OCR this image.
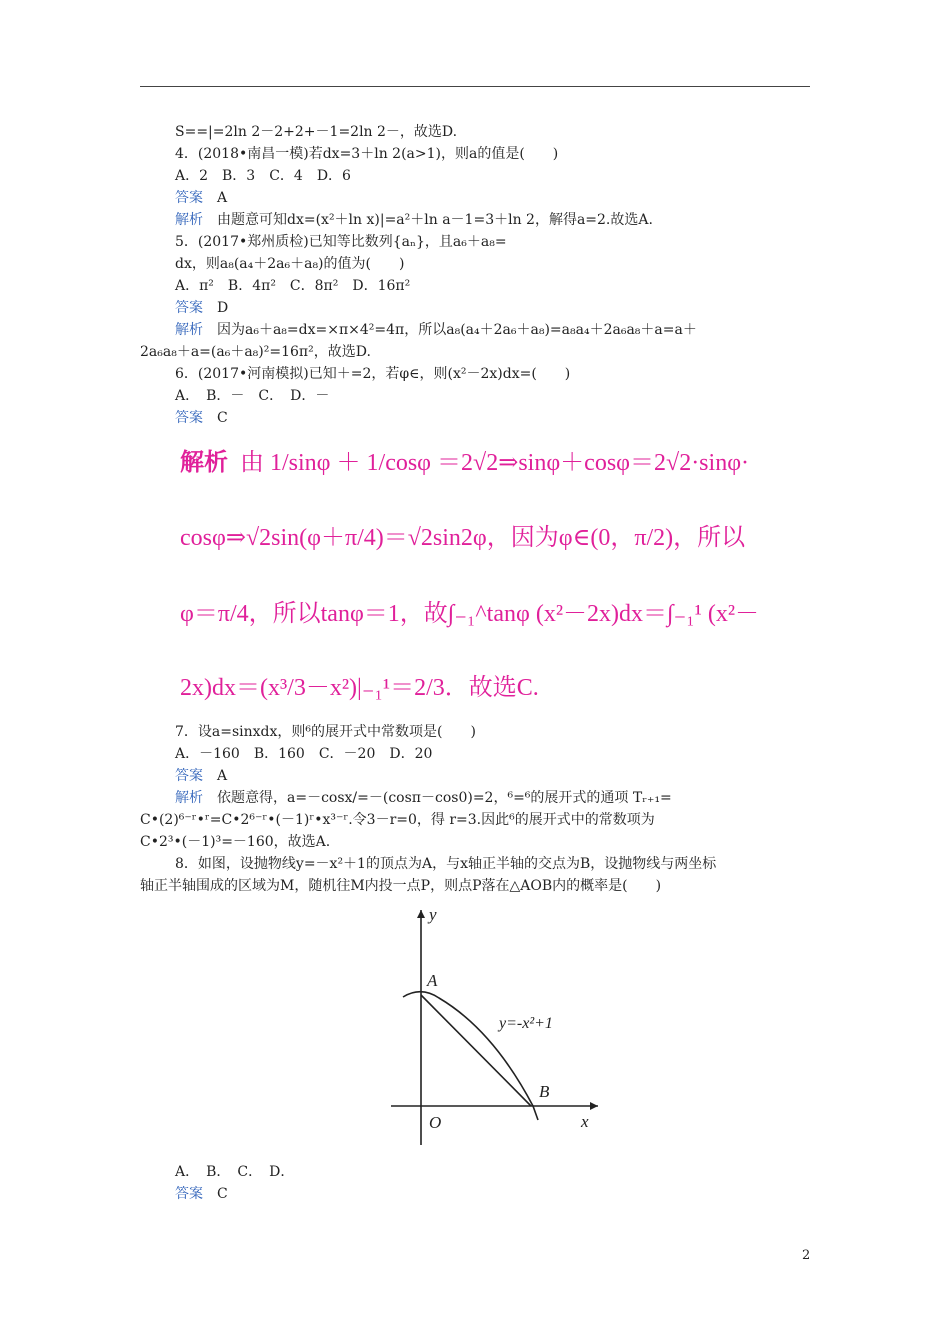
S==|=2ln 2－2+2+－1=2ln 2－，故选D.
4．(2018•南昌一模)若dx=3＋ln 2(a>1)，则a的值是(　　)
A．2　B．3　C．4　D．6
答案 A
解析 由题意可知dx=(x²＋ln x)|=a²＋ln a－1=3＋ln 2，解得a=2.故选A.
5．(2017•郑州质检)已知等比数列{aₙ}，且a₆＋a₈=
dx，则a₈(a₄＋2a₆＋a₈)的值为(　　)
A．π²　B．4π²　C．8π²　D．16π²
答案 D
解析 因为a₆＋a₈=dx=×π×4²=4π，所以a₈(a₄＋2a₆＋a₈)=a₈a₄＋2a₆a₈＋a=a＋
2a₆a₈＋a=(a₆＋a₈)²=16π²，故选D.
6．(2017•河南模拟)已知＋=2，若φ∈，则(x²－2x)dx=(　　)
A．　B．－　C．　D．－
答案 C
解析 由 1/sinφ ＋ 1/cosφ ＝2√2⇒sinφ＋cosφ＝2√2·sinφ·
cosφ⇒√2sin(φ＋π/4)＝√2sin2φ，因为φ∈(0，π/2)，所以
φ＝π/4，所以tanφ＝1，故∫₋₁^tanφ (x²－2x)dx＝∫₋₁¹ (x²－
2x)dx＝(x³/3－x²)|₋₁¹＝2/3．故选C.
7．设a=sinxdx，则⁶的展开式中常数项是(　　)
A．－160　B．160　C．－20　D．20
答案 A
解析 依题意得，a=－cosx/=－(cosπ－cos0)=2，⁶=⁶的展开式的通项 Tᵣ₊₁=
C•(2)⁶⁻ʳ•ʳ=C•2⁶⁻ʳ•(－1)ʳ•x³⁻ʳ.令3－r=0，得 r=3.因此⁶的展开式中的常数项为
C•2³•(－1)³=－160，故选A.
8．如图，设抛物线y=－x²＋1的顶点为A，与x轴正半轴的交点为B，设抛物线与两坐标
轴正半轴围成的区域为M，随机往M内投一点P，则点P落在△AOB内的概率是(　　)
y
x
O
A
B
y=-x²+1
A．　B．　C．　D．
答案 C
2
